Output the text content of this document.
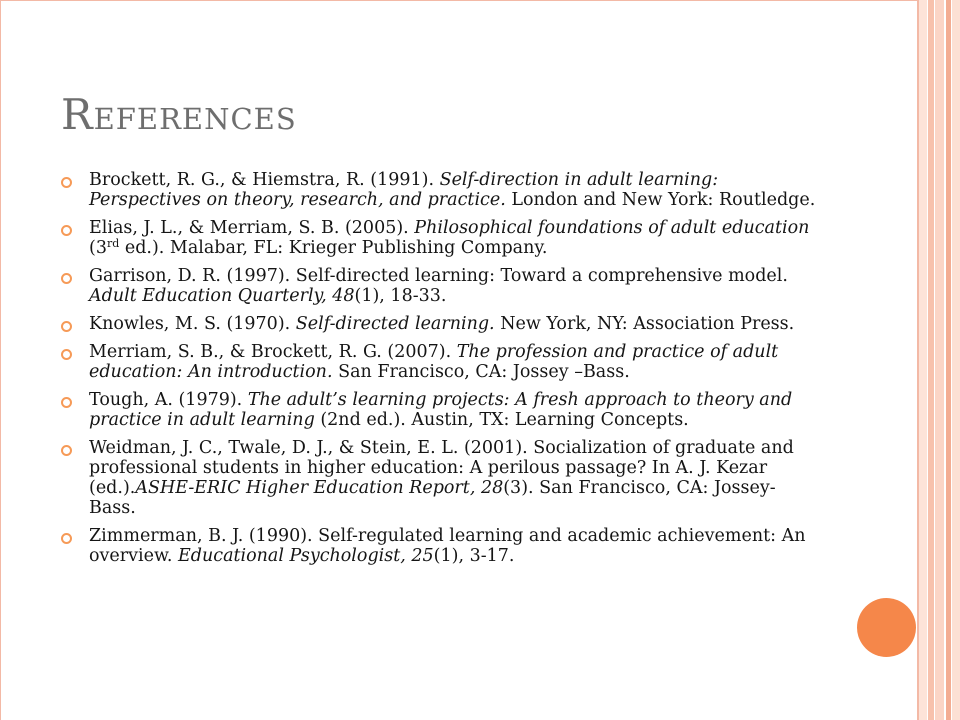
References
Brockett, R. G., & Hiemstra, R. (1991). Self-direction in adult learning: Perspectives on theory, research, and practice. London and New York: Routledge.
Elias, J. L., & Merriam, S. B. (2005). Philosophical foundations of adult education (3rd ed.). Malabar, FL: Krieger Publishing Company.
Garrison, D. R. (1997). Self-directed learning: Toward a comprehensive model. Adult Education Quarterly, 48(1), 18-33.
Knowles, M. S. (1970). Self-directed learning. New York, NY: Association Press.
Merriam, S. B., & Brockett, R. G. (2007). The profession and practice of adult education: An introduction. San Francisco, CA: Jossey –Bass.
Tough, A. (1979). The adult’s learning projects: A fresh approach to theory and practice in adult learning (2nd ed.). Austin, TX: Learning Concepts.
Weidman, J. C., Twale, D. J., & Stein, E. L. (2001). Socialization of graduate and professional students in higher education: A perilous passage? In A. J. Kezar (ed.).ASHE-ERIC Higher Education Report, 28(3). San Francisco, CA: Jossey-Bass.
Zimmerman, B. J. (1990). Self-regulated learning and academic achievement: An overview. Educational Psychologist, 25(1), 3-17.
